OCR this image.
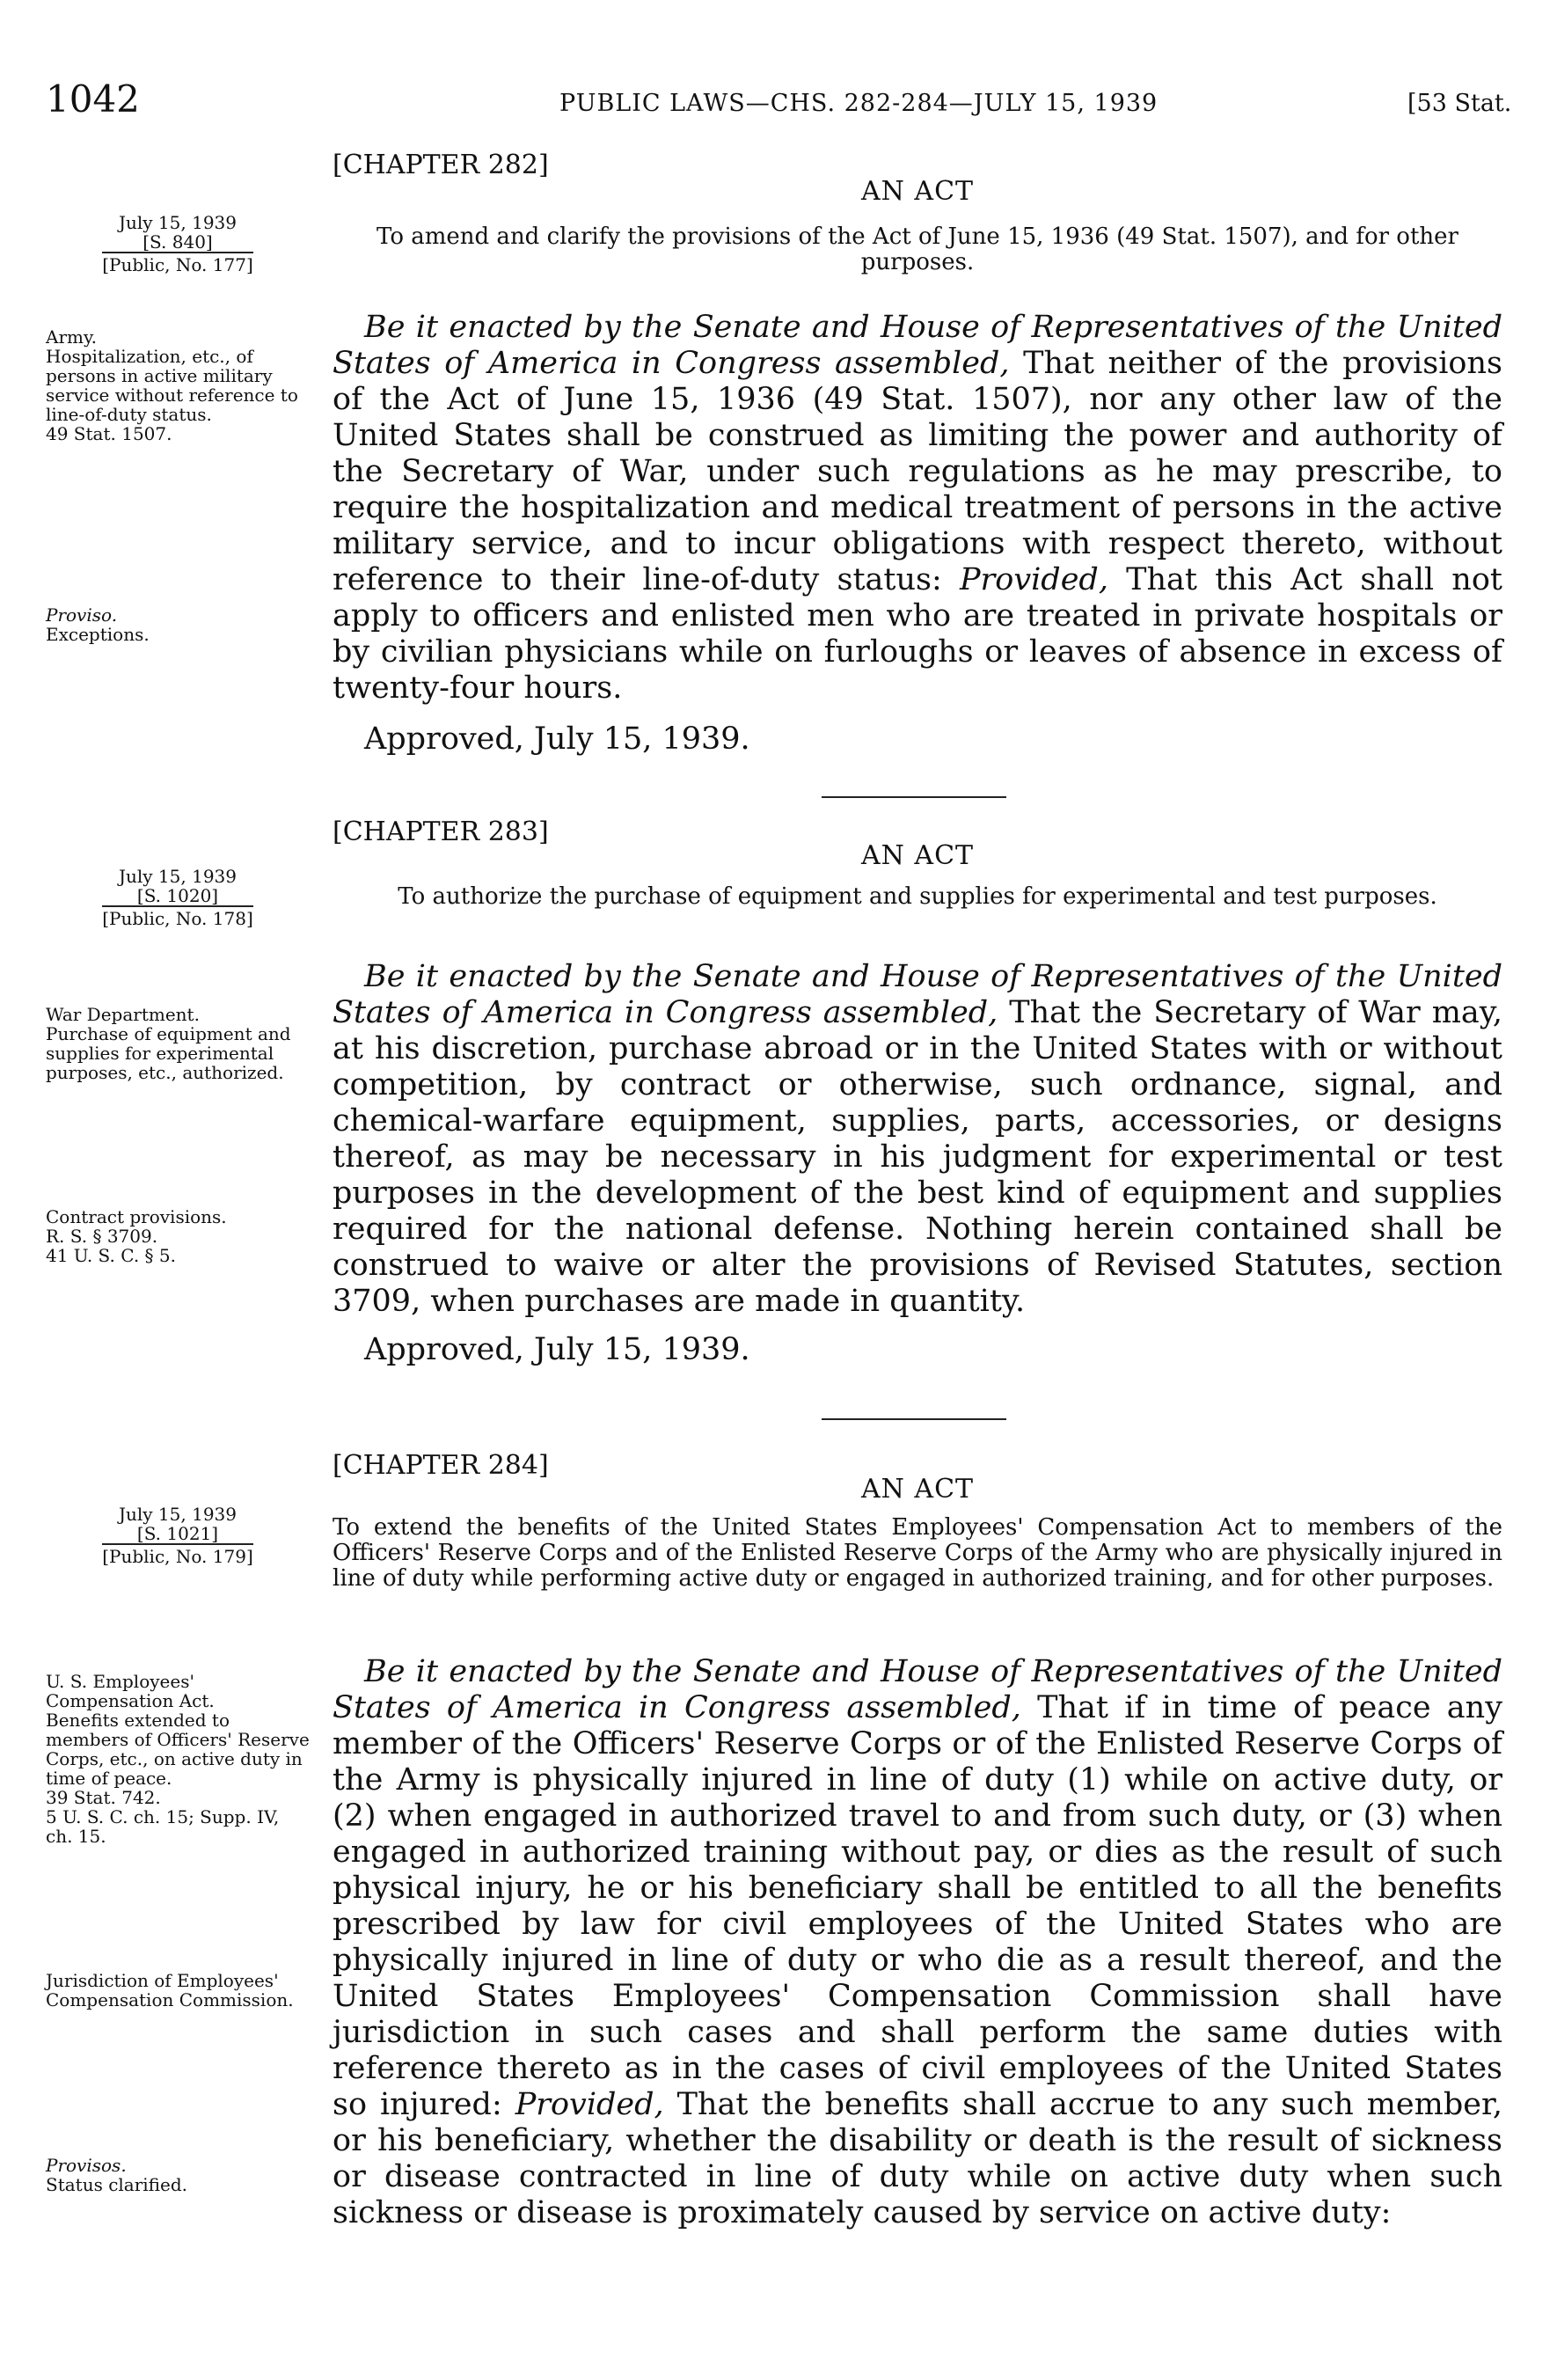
1042	PUBLIC LAWS—CHS. 282-284—JULY 15, 1939	[53 Stat.
[CHAPTER 282]
AN ACT
July 15, 1939
[S. 840]
[Public, No. 177]
To amend and clarify the provisions of the Act of June 15, 1936 (49 Stat. 1507), and for other purposes.

Army.

Hospitalization, etc., of persons in active military service without reference to line-of-duty status.

49 Stat. 1507.

Proviso.

Exceptions.

Be it enacted by the Senate and House of Representatives of the United States of America in Congress assembled, That neither of the provisions of the Act of June 15, 1936 (49 Stat. 1507), nor any other law of the United States shall be construed as limiting the power and authority of the Secretary of War, under such regulations as he may prescribe, to require the hospitalization and medical treatment of persons in the active military service, and to incur obligations with respect thereto, without reference to their line-of-duty status: Provided, That this Act shall not apply to officers and enlisted men who are treated in private hospitals or by civilian physicians while on furloughs or leaves of absence in excess of twenty-four hours.

Approved, July 15, 1939.
[CHAPTER 283]
AN ACT
July 15, 1939
[S. 1020]
[Public, No. 178]
To authorize the purchase of equipment and supplies for experimental and test purposes.

War Department.

Purchase of equipment and supplies for experimental purposes, etc., authorized.

Contract provisions.

R. S. § 3709.

41 U. S. C. § 5.

Be it enacted by the Senate and House of Representatives of the United States of America in Congress assembled, That the Secretary of War may, at his discretion, purchase abroad or in the United States with or without competition, by contract or otherwise, such ordnance, signal, and chemical-warfare equipment, supplies, parts, accessories, or designs thereof, as may be necessary in his judgment for experimental or test purposes in the development of the best kind of equipment and supplies required for the national defense. Nothing herein contained shall be construed to waive or alter the provisions of Revised Statutes, section 3709, when purchases are made in quantity.

Approved, July 15, 1939.
[CHAPTER 284]
AN ACT
July 15, 1939
[S. 1021]
[Public, No. 179]
To extend the benefits of the United States Employees' Compensation Act to members of the Officers' Reserve Corps and of the Enlisted Reserve Corps of the Army who are physically injured in line of duty while performing active duty or engaged in authorized training, and for other purposes.

U. S. Employees' Compensation Act.

Benefits extended to members of Officers' Reserve Corps, etc., on active duty in time of peace.

39 Stat. 742.

5 U. S. C. ch. 15; Supp. IV, ch. 15.

Jurisdiction of Employees' Compensation Commission.

Provisos.

Status clarified.

Be it enacted by the Senate and House of Representatives of the United States of America in Congress assembled, That if in time of peace any member of the Officers' Reserve Corps or of the Enlisted Reserve Corps of the Army is physically injured in line of duty (1) while on active duty, or (2) when engaged in authorized travel to and from such duty, or (3) when engaged in authorized training without pay, or dies as the result of such physical injury, he or his beneficiary shall be entitled to all the benefits prescribed by law for civil employees of the United States who are physically injured in line of duty or who die as a result thereof, and the United States Employees' Compensation Commission shall have jurisdiction in such cases and shall perform the same duties with reference thereto as in the cases of civil employees of the United States so injured: Provided, That the benefits shall accrue to any such member, or his beneficiary, whether the disability or death is the result of sickness or disease contracted in line of duty while on active duty when such sickness or disease is proximately caused by service on active duty:
